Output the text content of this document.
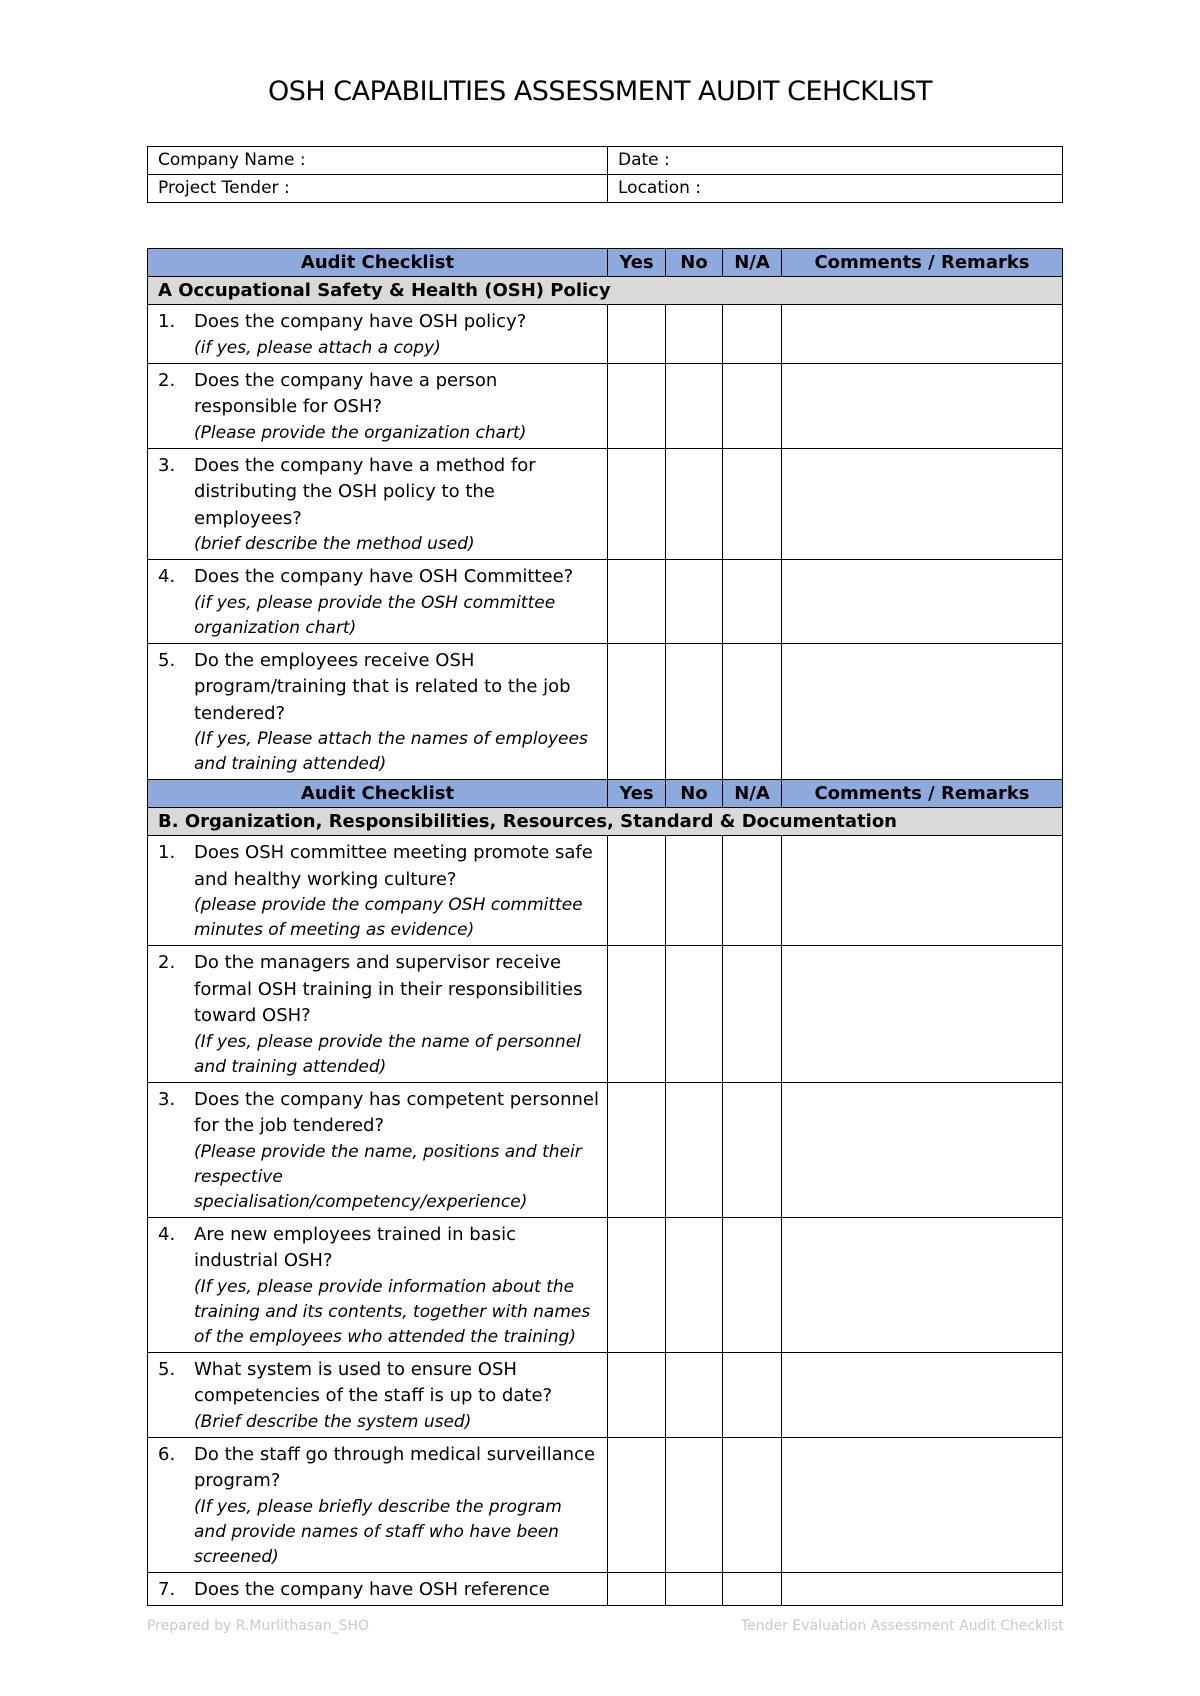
OSH CAPABILITIES ASSESSMENT AUDIT CEHCKLIST
Company Name :	Date :
Project Tender :	Location :
Audit Checklist	Yes	No	N/A	Comments / Remarks
A Occupational Safety & Health (OSH) Policy				
1. Does the company have OSH policy?
(if yes, please attach a copy)				

2. Does the company have a person responsible for OSH?
(Please provide the organization chart)				

3. Does the company have a method for distributing the OSH policy to the employees?
(brief describe the method used)				

4. Does the company have OSH Committee?
(if yes, please provide the OSH committee organization chart)				

5. Do the employees receive OSH program/training that is related to the job tendered?
(If yes, Please attach the names of employees and training attended)				

Audit Checklist	Yes	No	N/A	Comments / Remarks
B. Organization, Responsibilities, Resources, Standard & Documentation				
1. Does OSH committee meeting promote safe and healthy working culture?
(please provide the company OSH committee minutes of meeting as evidence)				

2. Do the managers and supervisor receive formal OSH training in their responsibilities toward OSH?
(If yes, please provide the name of personnel and training attended)				

3. Does the company has competent personnel for the job tendered?
(Please provide the name, positions and their respective specialisation/competency/experience)				

4. Are new employees trained in basic industrial OSH?
(If yes, please provide information about the training and its contents, together with names of the employees who attended the training)				

5. What system is used to ensure OSH competencies of the staff is up to date?
(Brief describe the system used)				

6. Do the staff go through medical surveillance program?
(If yes, please briefly describe the program and provide names of staff who have been screened)				

7. Does the company have OSH reference				

Prepared by R.Murlithasan_SHO	Tender Evaluation Assessment Audit Checklist
